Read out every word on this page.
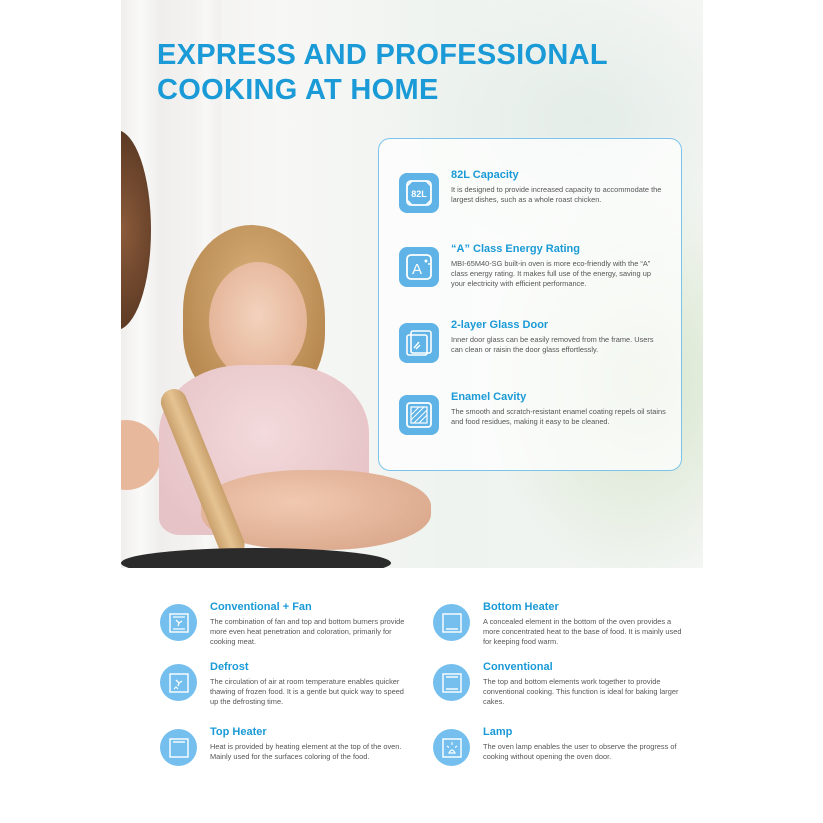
EXPRESS AND PROFESSIONAL
COOKING AT HOME
82L
82L Capacity
It is designed to provide increased capacity to accommodate the largest dishes, such as a whole roast chicken.
A
“A” Class Energy Rating
MBI-65M40-SG built-in oven is more eco-friendly with the “A” class energy rating. It makes full use of the energy, saving up your electricity with efficient performance.
2-layer Glass Door
Inner door glass can be easily removed from the frame. Users can clean or raisin the door glass effortlessly.
Enamel Cavity
The smooth and scratch-resistant enamel coating repels oil stains and food residues, making it easy to be cleaned.
Conventional + Fan
The combination of fan and top and bottom burners provide more even heat penetration and coloration, primarily for cooking meat.
Defrost
The circulation of air at room temperature enables quicker thawing of frozen food. It is a gentle but quick way to speed up the defrosting time.
Top Heater
Heat is provided by heating element at the top of the oven. Mainly used for the surfaces coloring of the food.
Bottom Heater
A concealed element in the bottom of the oven provides a more concentrated heat to the base of food. It is mainly used for keeping food warm.
Conventional
The top and bottom elements work together to provide conventional cooking. This function is ideal for baking larger cakes.
Lamp
The oven lamp enables the user to observe the progress of cooking without opening the oven door.
